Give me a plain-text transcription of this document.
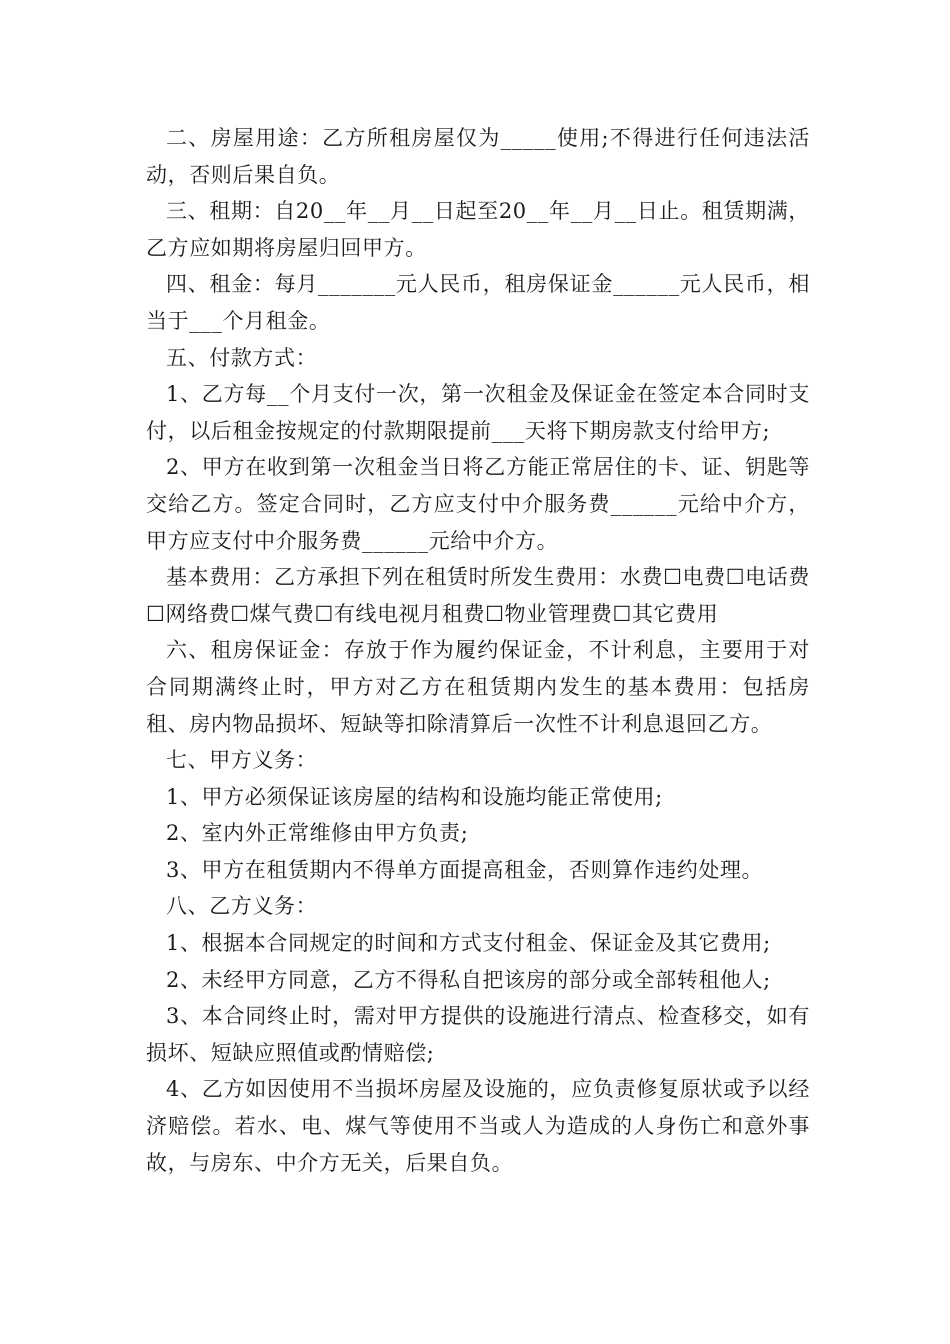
二、房屋用途：乙方所租房屋仅为_____使用;不得进行任何违法活动，否则后果自负。

三、租期：自20__年__月__日起至20__年__月__日止。租赁期满，乙方应如期将房屋归回甲方。

四、租金：每月_______元人民币，租房保证金______元人民币，相当于___个月租金。

五、付款方式：

1、乙方每__个月支付一次，第一次租金及保证金在签定本合同时支付，以后租金按规定的付款期限提前___天将下期房款支付给甲方;

2、甲方在收到第一次租金当日将乙方能正常居住的卡、证、钥匙等交给乙方。签定合同时，乙方应支付中介服务费______元给中介方，甲方应支付中介服务费______元给中介方。

基本费用：乙方承担下列在租赁时所发生费用：水费☐电费☐电话费☐网络费☐煤气费☐有线电视月租费☐物业管理费☐其它费用

六、租房保证金：存放于作为履约保证金，不计利息，主要用于对合同期满终止时，甲方对乙方在租赁期内发生的基本费用：包括房租、房内物品损坏、短缺等扣除清算后一次性不计利息退回乙方。

七、甲方义务：

1、甲方必须保证该房屋的结构和设施均能正常使用;

2、室内外正常维修由甲方负责;

3、甲方在租赁期内不得单方面提高租金，否则算作违约处理。

八、乙方义务：

1、根据本合同规定的时间和方式支付租金、保证金及其它费用;

2、未经甲方同意，乙方不得私自把该房的部分或全部转租他人;

3、本合同终止时，需对甲方提供的设施进行清点、检查移交，如有损坏、短缺应照值或酌情赔偿;

4、乙方如因使用不当损坏房屋及设施的，应负责修复原状或予以经济赔偿。若水、电、煤气等使用不当或人为造成的人身伤亡和意外事故，与房东、中介方无关，后果自负。
